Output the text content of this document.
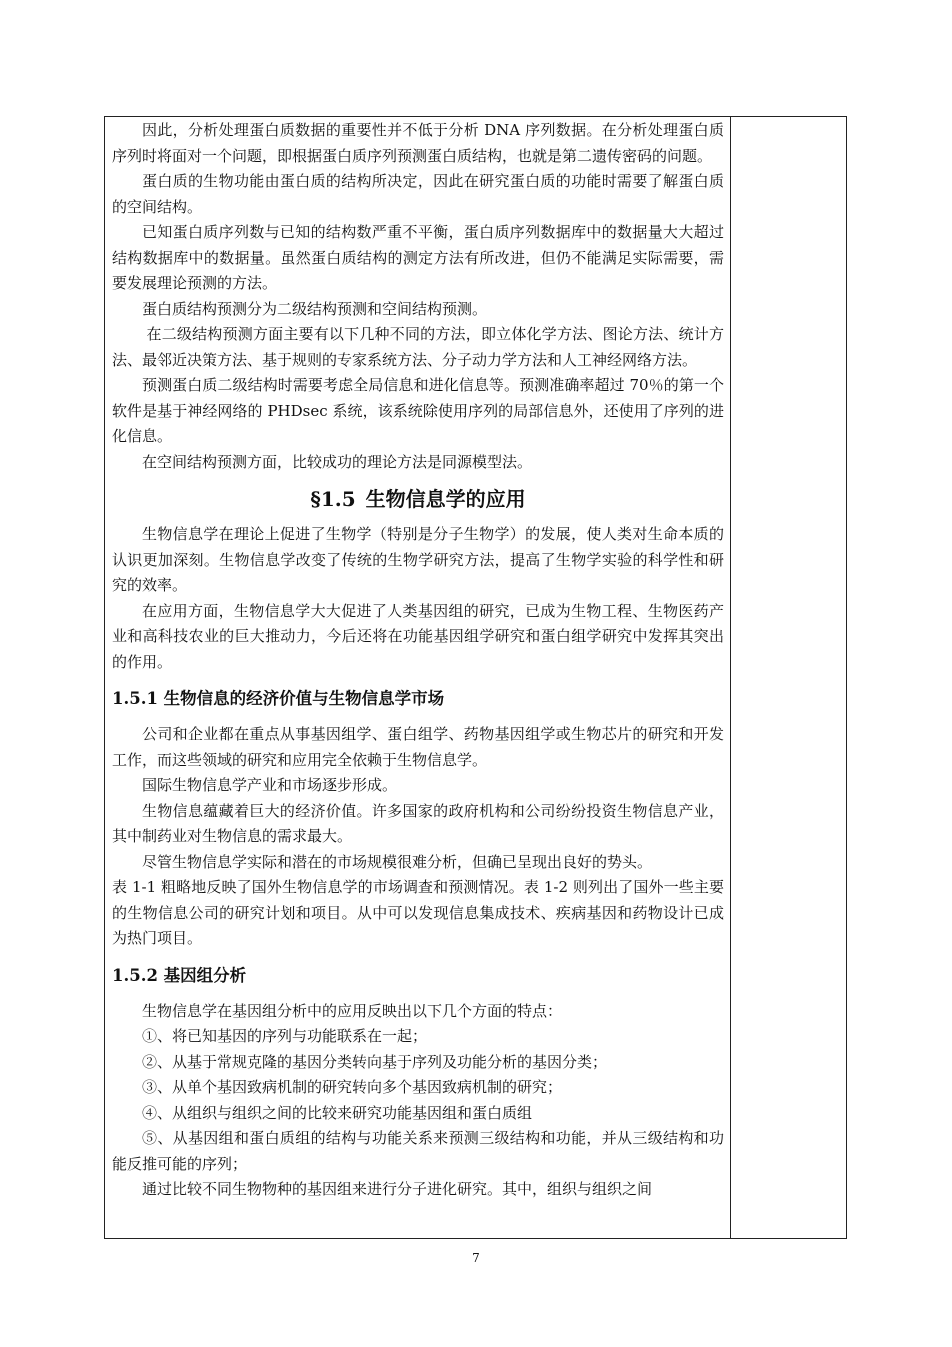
因此，分析处理蛋白质数据的重要性并不低于分析 DNA 序列数据。在分析处理蛋白质序列时将面对一个问题，即根据蛋白质序列预测蛋白质结构，也就是第二遗传密码的问题。

蛋白质的生物功能由蛋白质的结构所决定，因此在研究蛋白质的功能时需要了解蛋白质的空间结构。

已知蛋白质序列数与已知的结构数严重不平衡，蛋白质序列数据库中的数据量大大超过结构数据库中的数据量。虽然蛋白质结构的测定方法有所改进，但仍不能满足实际需要，需要发展理论预测的方法。

蛋白质结构预测分为二级结构预测和空间结构预测。

在二级结构预测方面主要有以下几种不同的方法，即立体化学方法、图论方法、统计方法、最邻近决策方法、基于规则的专家系统方法、分子动力学方法和人工神经网络方法。

预测蛋白质二级结构时需要考虑全局信息和进化信息等。预测准确率超过 70％的第一个软件是基于神经网络的 PHDsec 系统，该系统除使用序列的局部信息外，还使用了序列的进化信息。

在空间结构预测方面，比较成功的理论方法是同源模型法。

§1.5 生物信息学的应用

生物信息学在理论上促进了生物学（特别是分子生物学）的发展，使人类对生命本质的认识更加深刻。生物信息学改变了传统的生物学研究方法，提高了生物学实验的科学性和研究的效率。

在应用方面，生物信息学大大促进了人类基因组的研究，已成为生物工程、生物医药产业和高科技农业的巨大推动力，今后还将在功能基因组学研究和蛋白组学研究中发挥其突出的作用。

1.5.1 生物信息的经济价值与生物信息学市场

公司和企业都在重点从事基因组学、蛋白组学、药物基因组学或生物芯片的研究和开发工作，而这些领域的研究和应用完全依赖于生物信息学。

国际生物信息学产业和市场逐步形成。

生物信息蕴藏着巨大的经济价值。许多国家的政府机构和公司纷纷投资生物信息产业，其中制药业对生物信息的需求最大。

尽管生物信息学实际和潜在的市场规模很难分析，但确已呈现出良好的势头。

表 1-1 粗略地反映了国外生物信息学的市场调查和预测情况。表 1-2 则列出了国外一些主要的生物信息公司的研究计划和项目。从中可以发现信息集成技术、疾病基因和药物设计已成为热门项目。

1.5.2 基因组分析

生物信息学在基因组分析中的应用反映出以下几个方面的特点：

①、将已知基因的序列与功能联系在一起；

②、从基于常规克隆的基因分类转向基于序列及功能分析的基因分类；

③、从单个基因致病机制的研究转向多个基因致病机制的研究；

④、从组织与组织之间的比较来研究功能基因组和蛋白质组

⑤、从基因组和蛋白质组的结构与功能关系来预测三级结构和功能，并从三级结构和功能反推可能的序列；

通过比较不同生物物种的基因组来进行分子进化研究。其中，组织与组织之间

7
